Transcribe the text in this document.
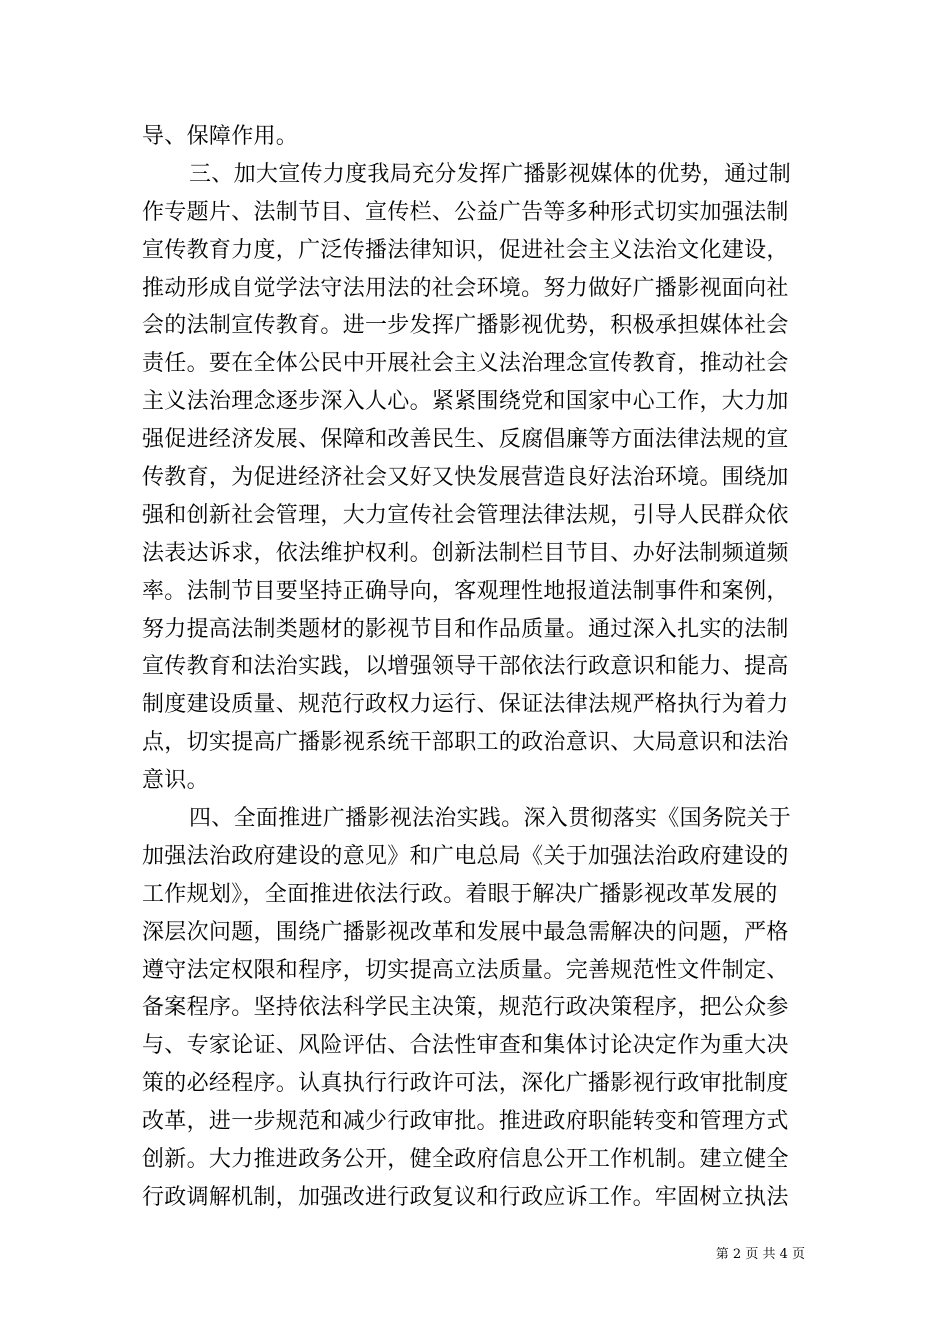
导、保障作用。
三、加大宣传力度我局充分发挥广播影视媒体的优势，通过制
作专题片、法制节目、宣传栏、公益广告等多种形式切实加强法制
宣传教育力度，广泛传播法律知识，促进社会主义法治文化建设，
推动形成自觉学法守法用法的社会环境。努力做好广播影视面向社
会的法制宣传教育。进一步发挥广播影视优势，积极承担媒体社会
责任。要在全体公民中开展社会主义法治理念宣传教育，推动社会
主义法治理念逐步深入人心。紧紧围绕党和国家中心工作，大力加
强促进经济发展、保障和改善民生、反腐倡廉等方面法律法规的宣
传教育，为促进经济社会又好又快发展营造良好法治环境。围绕加
强和创新社会管理，大力宣传社会管理法律法规，引导人民群众依
法表达诉求，依法维护权利。创新法制栏目节目、办好法制频道频
率。法制节目要坚持正确导向，客观理性地报道法制事件和案例，
努力提高法制类题材的影视节目和作品质量。通过深入扎实的法制
宣传教育和法治实践，以增强领导干部依法行政意识和能力、提高
制度建设质量、规范行政权力运行、保证法律法规严格执行为着力
点，切实提高广播影视系统干部职工的政治意识、大局意识和法治
意识。
四、全面推进广播影视法治实践。深入贯彻落实《国务院关于
加强法治政府建设的意见》和广电总局《关于加强法治政府建设的
工作规划》，全面推进依法行政。着眼于解决广播影视改革发展的
深层次问题，围绕广播影视改革和发展中最急需解决的问题，严格
遵守法定权限和程序，切实提高立法质量。完善规范性文件制定、
备案程序。坚持依法科学民主决策，规范行政决策程序，把公众参
与、专家论证、风险评估、合法性审查和集体讨论决定作为重大决
策的必经程序。认真执行行政许可法，深化广播影视行政审批制度
改革，进一步规范和减少行政审批。推进政府职能转变和管理方式
创新。大力推进政务公开，健全政府信息公开工作机制。建立健全
行政调解机制，加强改进行政复议和行政应诉工作。牢固树立执法
第 2 页 共 4 页
